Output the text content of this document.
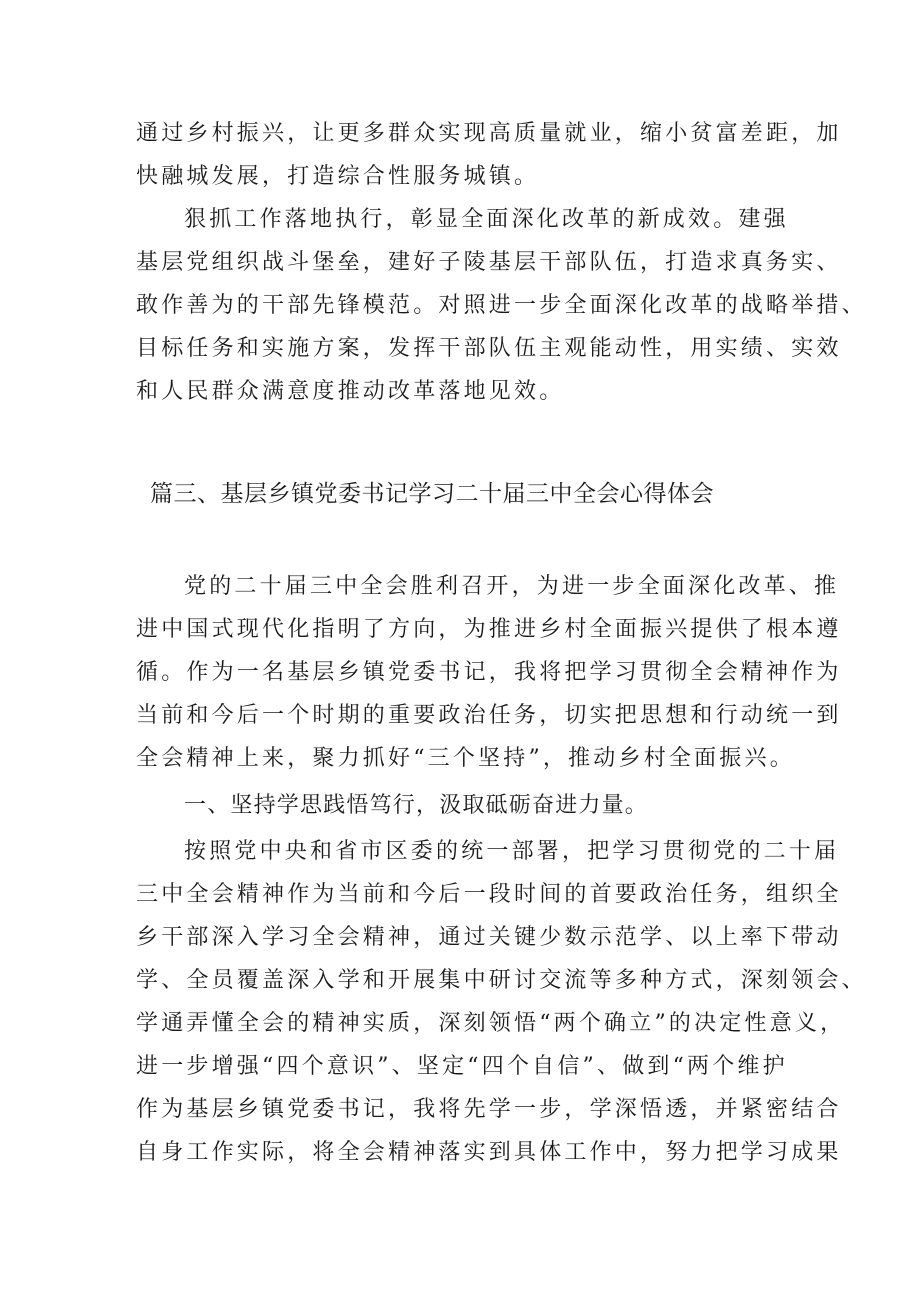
通过乡村振兴，让更多群众实现高质量就业，缩小贫富差距，加
快融城发展，打造综合性服务城镇。
狠抓工作落地执行，彰显全面深化改革的新成效。建强
基层党组织战斗堡垒，建好子陵基层干部队伍，打造求真务实、
敢作善为的干部先锋模范。对照进一步全面深化改革的战略举措、
目标任务和实施方案，发挥干部队伍主观能动性，用实绩、实效
和人民群众满意度推动改革落地见效。
篇三、基层乡镇党委书记学习二十届三中全会心得体会
党的二十届三中全会胜利召开，为进一步全面深化改革、推
进中国式现代化指明了方向，为推进乡村全面振兴提供了根本遵
循。作为一名基层乡镇党委书记，我将把学习贯彻全会精神作为
当前和今后一个时期的重要政治任务，切实把思想和行动统一到
全会精神上来，聚力抓好“三个坚持”，推动乡村全面振兴。
一、坚持学思践悟笃行，汲取砥砺奋进力量。
按照党中央和省市区委的统一部署，把学习贯彻党的二十届
三中全会精神作为当前和今后一段时间的首要政治任务，组织全
乡干部深入学习全会精神，通过关键少数示范学、以上率下带动
学、全员覆盖深入学和开展集中研讨交流等多种方式，深刻领会、
学通弄懂全会的精神实质，深刻领悟“两个确立”的决定性意义，
进一步增强“四个意识”、坚定“四个自信”、做到“两个维护
作为基层乡镇党委书记，我将先学一步，学深悟透，并紧密结合
自身工作实际，将全会精神落实到具体工作中，努力把学习成果
